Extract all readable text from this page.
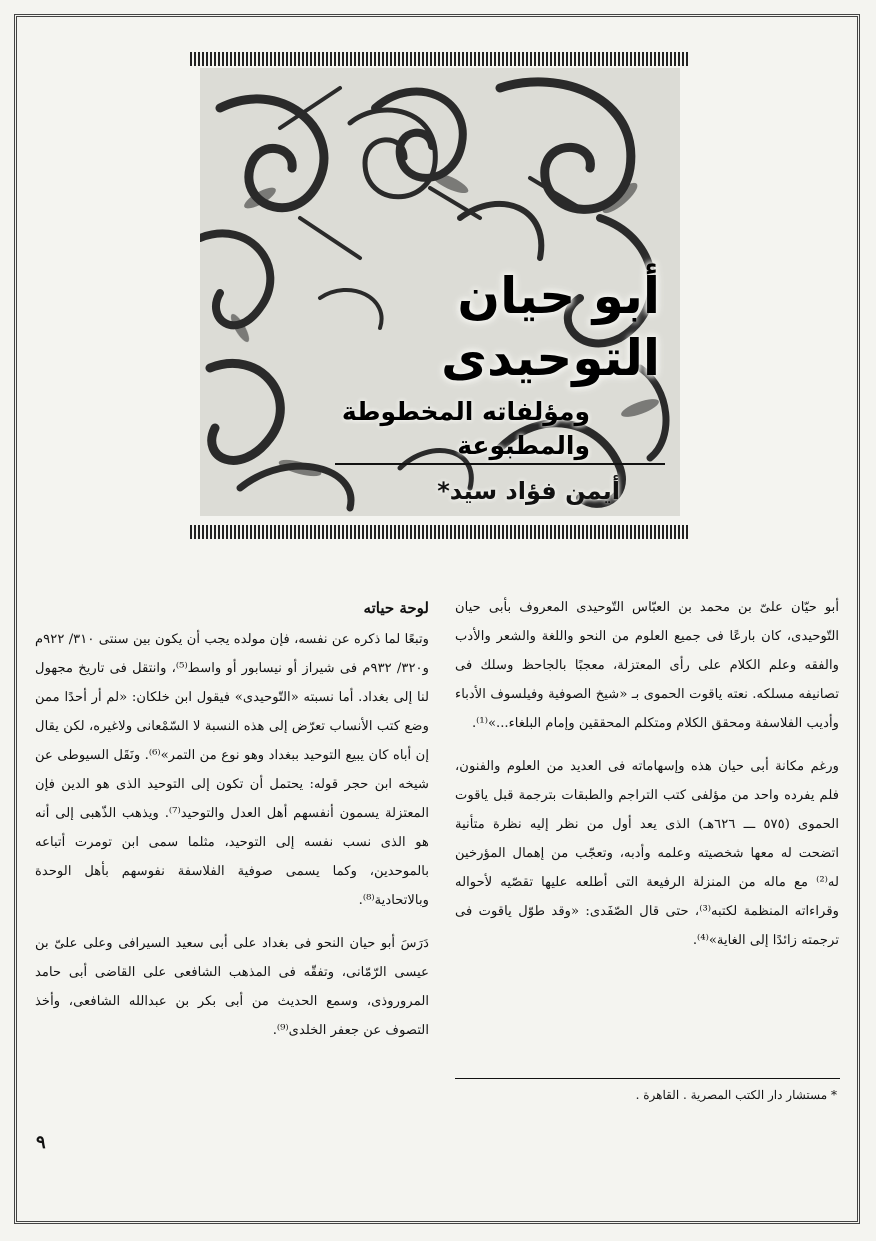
أبو حيان التوحيدى
ومؤلفاته المخطوطة والمطبوعة
أيمن فؤاد سيد*

أبو حيّان علىّ بن محمد بن العبّاس التّوحيدى المعروف بأبى حيان التّوحيدى، كان بارعًا فى جميع العلوم من النحو واللغة والشعر والأدب والفقه وعلم الكلام على رأى المعتزلة، معجبًا بالجاحظ وسلك فى تصانيفه مسلكه. نعته ياقوت الحموى بـ «شيخ الصوفية وفيلسوف الأدباء وأديب الفلاسفة ومحقق الكلام ومتكلم المحققين وإمام البلغاء...»⁽¹⁾.

ورغم مكانة أبى حيان هذه وإسهاماته فى العديد من العلوم والفنون، فلم يفرده واحد من مؤلفى كتب التراجم والطبقات بترجمة قبل ياقوت الحموى (٥٧٥ ـــ ٦٢٦هـ) الذى يعد أول من نظر إليه نظرة متأنية اتضحت له معها شخصيته وعلمه وأدبه، وتعجّب من إهمال المؤرخين له⁽²⁾ مع ماله من المنزلة الرفيعة التى أطلعه عليها تقصّيه لأحواله وقراءاته المنظمة لكتبه⁽³⁾، حتى قال الصّفَدى: «وقد طوّل ياقوت فى ترجمته زائدًا إلى الغاية»⁽⁴⁾.

لوحة حياته

وتبعًا لما ذكره عن نفسه، فإن مولده يجب أن يكون بين سنتى ٣١٠/ ٩٢٢م و٣٢٠/ ٩٣٢م فى شيراز أو نيسابور أو واسط⁽⁵⁾، وانتقل فى تاريخ مجهول لنا إلى بغداد. أما نسبته «التّوحيدى» فيقول ابن خلكان: «لم أر أحدًا ممن وضع كتب الأنساب تعرّض إلى هذه النسبة لا السّمْعانى ولاغيره، لكن يقال إن أباه كان يبيع التوحيد ببغداد وهو نوع من التمر»⁽⁶⁾. ونَقَل السيوطى عن شيخه ابن حجر قوله: يحتمل أن تكون إلى التوحيد الذى هو الدين فإن المعتزلة يسمون أنفسهم أهل العدل والتوحيد⁽⁷⁾. ويذهب الذّهبى إلى أنه هو الذى نسب نفسه إلى التوحيد، مثلما سمى ابن تومرت أتباعه بالموحدين، وكما يسمى صوفية الفلاسفة نفوسهم بأهل الوحدة وبالاتحادية⁽⁸⁾.

دَرَسَ أبو حيان النحو فى بغداد على أبى سعيد السيرافى وعلى علىّ بن عيسى الرّمّانى، وتفقّه فى المذهب الشافعى على القاضى أبى حامد المروروذى، وسمع الحديث من أبى بكر بن عبدالله الشافعى، وأخذ التصوف عن جعفر الخلدى⁽⁹⁾.

* مستشار دار الكتب المصرية . القاهرة .
٩
